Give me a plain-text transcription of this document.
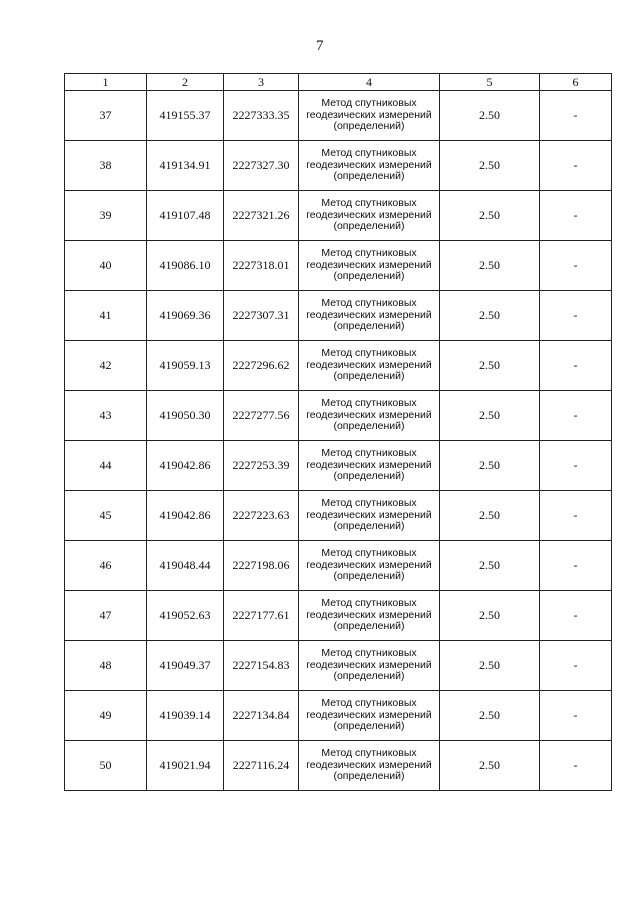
7
1	2	3	4	5	6
37	419155.37	2227333.35	Метод спутниковых геодезических измерений (определений)	2.50	-
38	419134.91	2227327.30	Метод спутниковых геодезических измерений (определений)	2.50	-
39	419107.48	2227321.26	Метод спутниковых геодезических измерений (определений)	2.50	-
40	419086.10	2227318.01	Метод спутниковых геодезических измерений (определений)	2.50	-
41	419069.36	2227307.31	Метод спутниковых геодезических измерений (определений)	2.50	-
42	419059.13	2227296.62	Метод спутниковых геодезических измерений (определений)	2.50	-
43	419050.30	2227277.56	Метод спутниковых геодезических измерений (определений)	2.50	-
44	419042.86	2227253.39	Метод спутниковых геодезических измерений (определений)	2.50	-
45	419042.86	2227223.63	Метод спутниковых геодезических измерений (определений)	2.50	-
46	419048.44	2227198.06	Метод спутниковых геодезических измерений (определений)	2.50	-
47	419052.63	2227177.61	Метод спутниковых геодезических измерений (определений)	2.50	-
48	419049.37	2227154.83	Метод спутниковых геодезических измерений (определений)	2.50	-
49	419039.14	2227134.84	Метод спутниковых геодезических измерений (определений)	2.50	-
50	419021.94	2227116.24	Метод спутниковых геодезических измерений (определений)	2.50	-
